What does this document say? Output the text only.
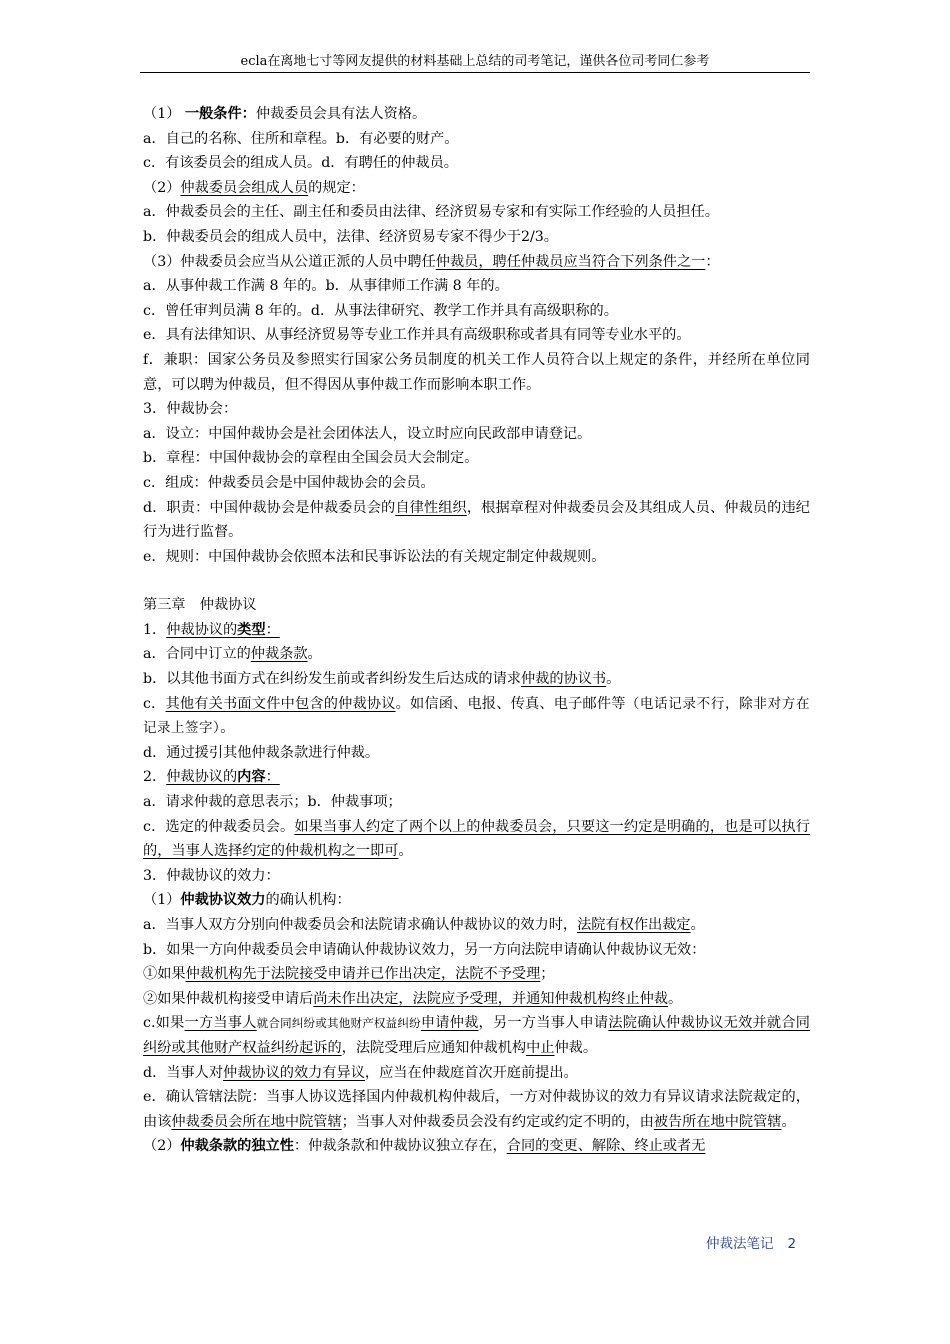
ecla在离地七寸等网友提供的材料基础上总结的司考笔记，谨供各位司考同仁参考

（1） 一般条件：仲裁委员会具有法人资格。

a．自己的名称、住所和章程。b．有必要的财产。

c．有该委员会的组成人员。d．有聘任的仲裁员。

（2）仲裁委员会组成人员的规定：

a．仲裁委员会的主任、副主任和委员由法律、经济贸易专家和有实际工作经验的人员担任。

b．仲裁委员会的组成人员中，法律、经济贸易专家不得少于2/3。

（3）仲裁委员会应当从公道正派的人员中聘任仲裁员，聘任仲裁员应当符合下列条件之一：

a．从事仲裁工作满 8 年的。b．从事律师工作满 8 年的。

c．曾任审判员满 8 年的。d．从事法律研究、教学工作并具有高级职称的。

e．具有法律知识、从事经济贸易等专业工作并具有高级职称或者具有同等专业水平的。

f．兼职：国家公务员及参照实行国家公务员制度的机关工作人员符合以上规定的条件，并经所在单位同意，可以聘为仲裁员，但不得因从事仲裁工作而影响本职工作。

3．仲裁协会：

a．设立：中国仲裁协会是社会团体法人，设立时应向民政部申请登记。

b．章程：中国仲裁协会的章程由全国会员大会制定。

c．组成：仲裁委员会是中国仲裁协会的会员。

d．职责：中国仲裁协会是仲裁委员会的自律性组织，根据章程对仲裁委员会及其组成人员、仲裁员的违纪行为进行监督。

e．规则：中国仲裁协会依照本法和民事诉讼法的有关规定制定仲裁规则。

第三章　仲裁协议

1．仲裁协议的类型：

a．合同中订立的仲裁条款。

b．以其他书面方式在纠纷发生前或者纠纷发生后达成的请求仲裁的协议书。

c．其他有关书面文件中包含的仲裁协议。如信函、电报、传真、电子邮件等（电话记录不行，除非对方在记录上签字）。

d．通过援引其他仲裁条款进行仲裁。

2．仲裁协议的内容：

a．请求仲裁的意思表示；b．仲裁事项；

c．选定的仲裁委员会。如果当事人约定了两个以上的仲裁委员会，只要这一约定是明确的，也是可以执行的，当事人选择约定的仲裁机构之一即可。

3．仲裁协议的效力：

（1）仲裁协议效力的确认机构：

a．当事人双方分别向仲裁委员会和法院请求确认仲裁协议的效力时，法院有权作出裁定。

b．如果一方向仲裁委员会申请确认仲裁协议效力，另一方向法院申请确认仲裁协议无效：

①如果仲裁机构先于法院接受申请并已作出决定，法院不予受理；

②如果仲裁机构接受申请后尚未作出决定，法院应予受理，并通知仲裁机构终止仲裁。

c.如果一方当事人就合同纠纷或其他财产权益纠纷申请仲裁，另一方当事人申请法院确认仲裁协议无效并就合同纠纷或其他财产权益纠纷起诉的，法院受理后应通知仲裁机构中止仲裁。

d．当事人对仲裁协议的效力有异议，应当在仲裁庭首次开庭前提出。

e．确认管辖法院：当事人协议选择国内仲裁机构仲裁后，一方对仲裁协议的效力有异议请求法院裁定的，由该仲裁委员会所在地中院管辖；当事人对仲裁委员会没有约定或约定不明的，由被告所在地中院管辖。

（2）仲裁条款的独立性：仲裁条款和仲裁协议独立存在，合同的变更、解除、终止或者无

仲裁法笔记 2
